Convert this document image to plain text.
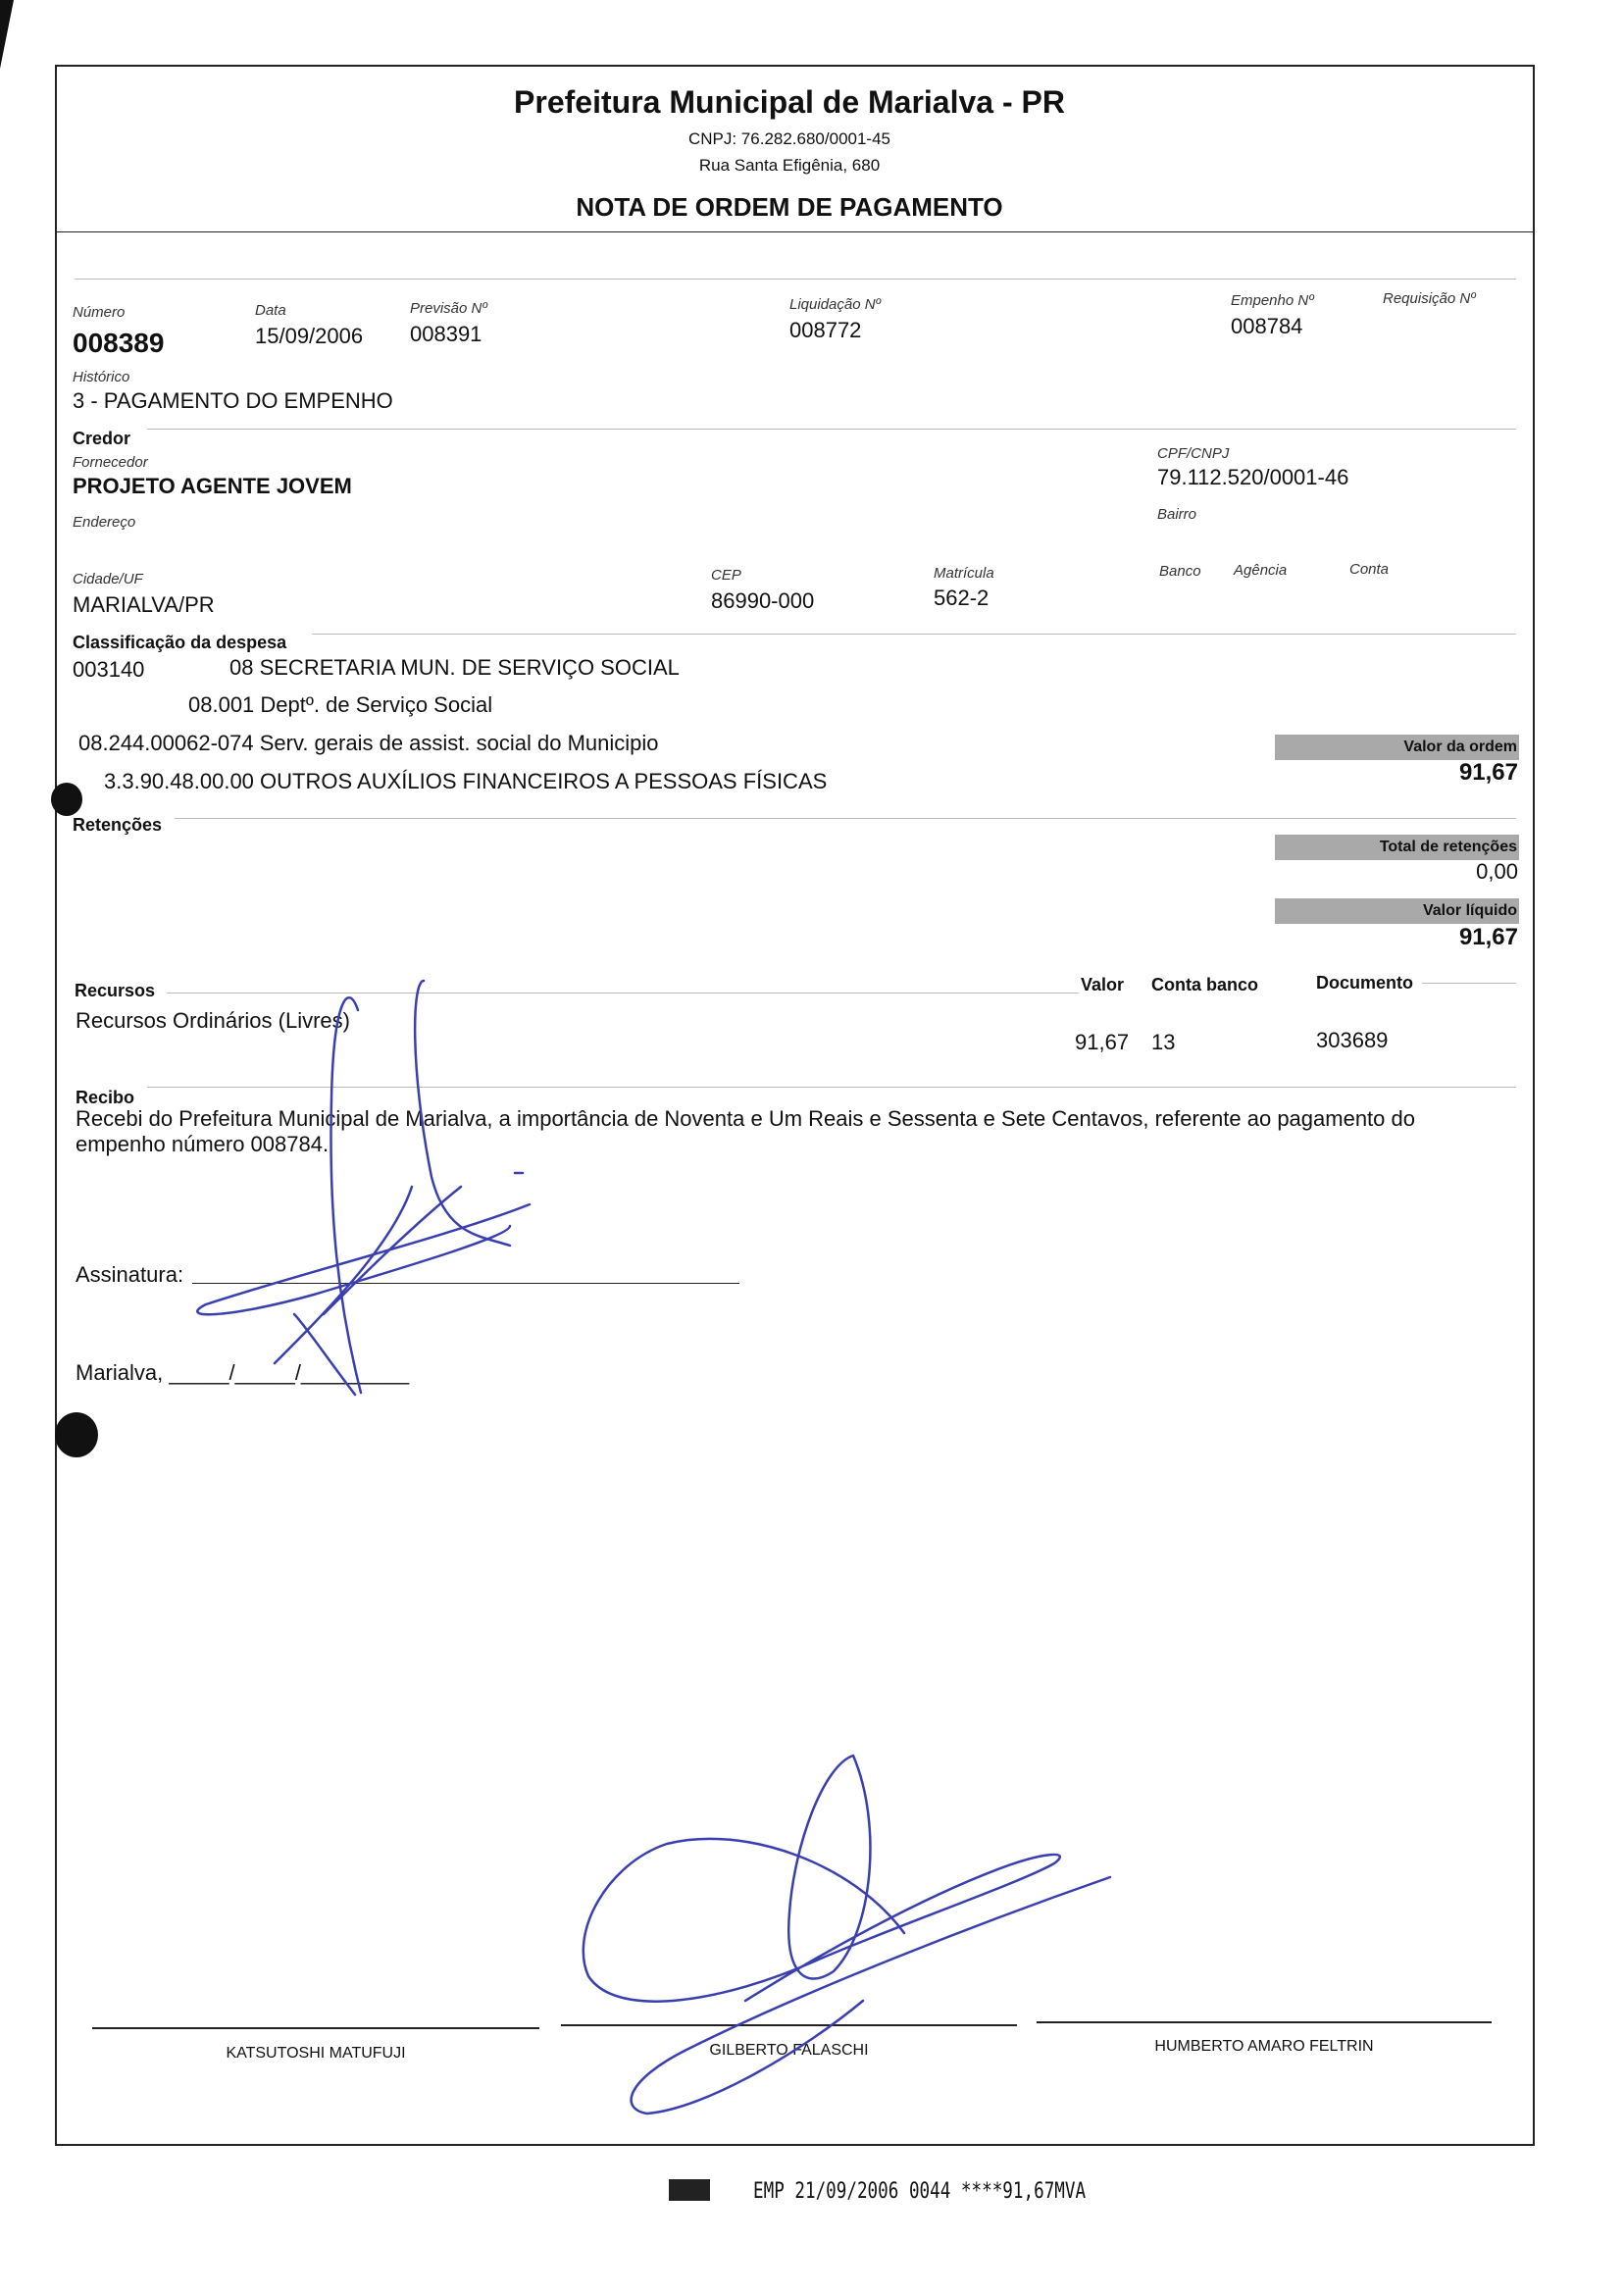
Prefeitura Municipal de Marialva - PR
CNPJ: 76.282.680/0001-45
Rua Santa Efigênia, 680
NOTA DE ORDEM DE PAGAMENTO
Número
008389
Data
15/09/2006
Previsão Nº
008391
Liquidação Nº
008772
Empenho Nº
008784
Requisição Nº
Histórico
3 - PAGAMENTO DO EMPENHO
Credor
Fornecedor
PROJETO AGENTE JOVEM
CPF/CNPJ
79.112.520/0001-46
Endereço	Bairro
Cidade/UF
MARIALVA/PR
CEP
86990-000
Matrícula
562-2
Banco Agência	Conta
Classificação da despesa
003140	08 SECRETARIA MUN. DE SERVIÇO SOCIAL
08.001 Deptº. de Serviço Social
08.244.00062-074 Serv. gerais de assist. social do Municipio
3.3.90.48.00.00 OUTROS AUXÍLIOS FINANCEIROS A PESSOAS FÍSICAS
Valor da ordem
91,67
Retenções
Total de retenções
0,00
Valor líquido
91,67
Recursos	Valor Conta banco	Documento
Recursos Ordinários (Livres)
91,67 13	303689
Recibo
Recebi do Prefeitura Municipal de Marialva, a importância de Noventa e Um Reais e Sessenta e Sete Centavos, referente ao pagamento do
empenho número 008784.
Assinatura:
Marialva, _____/_____/_________
KATSUTOSHI MATUFUJI	GILBERTO FALASCHI	HUMBERTO AMARO FELTRIN
EMP 21/09/2006 0044 ****91,67MVA
